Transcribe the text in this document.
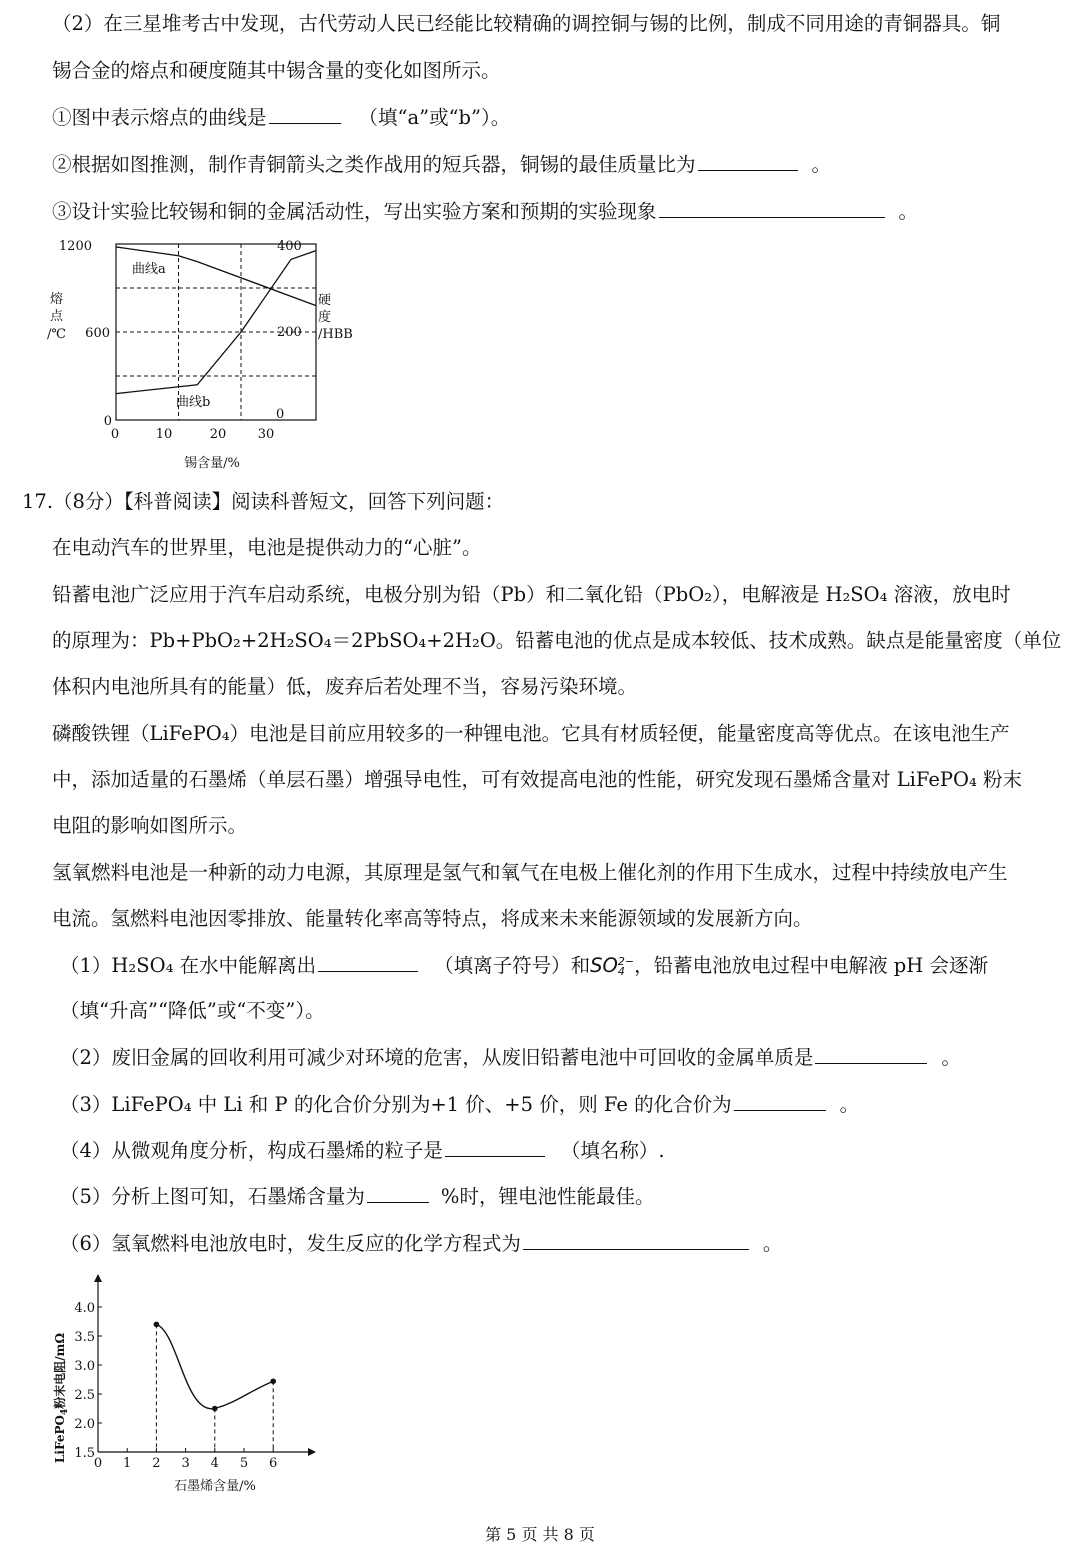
（2）在三星堆考古中发现，古代劳动人民已经能比较精确的调控铜与锡的比例，制成不同用途的青铜器具。铜
锡合金的熔点和硬度随其中锡含量的变化如图所示。
①图中表示熔点的曲线是	（填“a”或“b”）。
②根据如图推测，制作青铜箭头之类作战用的短兵器，铜锡的最佳质量比为	。
③设计实验比较锡和铜的金属活动性，写出实验方案和预期的实验现象	。
1200
600
0
400
200
0
熔
点
/℃
硬
度
/HBB
0	10	20 30
锡含量/%
曲线a
曲线b
17.（8分）【科普阅读】阅读科普短文，回答下列问题：
在电动汽车的世界里，电池是提供动力的“心脏”。
铅蓄电池广泛应用于汽车启动系统，电极分别为铅（Pb）和二氧化铅（PbO₂），电解液是 H₂SO₄ 溶液，放电时
的原理为：Pb+PbO₂+2H₂SO₄＝2PbSO₄+2H₂O。铅蓄电池的优点是成本较低、技术成熟。缺点是能量密度（单位
体积内电池所具有的能量）低，废弃后若处理不当，容易污染环境。
磷酸铁锂（LiFePO₄）电池是目前应用较多的一种锂电池。它具有材质轻便，能量密度高等优点。在该电池生产
中，添加适量的石墨烯（单层石墨）增强导电性，可有效提高电池的性能，研究发现石墨烯含量对 LiFePO₄ 粉末
电阻的影响如图所示。
氢氧燃料电池是一种新的动力电源，其原理是氢气和氧气在电极上催化剂的作用下生成水，过程中持续放电产生
电流。氢燃料电池因零排放、能量转化率高等特点，将成来未来能源领域的发展新方向。
（1）H₂SO₄ 在水中能解离出	（填离子符号）和SO 2−
4 ，铅蓄电池放电过程中电解液 pH 会逐渐
（填“升高”“降低”或“不变”）。
（2）废旧金属的回收利用可减少对环境的危害，从废旧铅蓄电池中可回收的金属单质是	。
（3）LiFePO₄ 中 Li 和 P 的化合价分别为+1 价、+5 价，则 Fe 的化合价为	。
（4）从微观角度分析，构成石墨烯的粒子是	（填名称）.
（5）分析上图可知，石墨烯含量为	%时，锂电池性能最佳。
（6）氢氧燃料电池放电时，发生反应的化学方程式为	。
0 1 2 3 4 5 6
1.5
2.0
2.5
3.0
3.5
4.0
石墨烯含量/%
LiFePO$_4$粉末电阻/mΩ
第 5 页 共 8 页
